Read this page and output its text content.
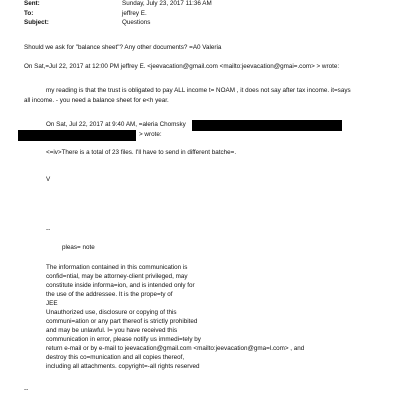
Sent:	Sunday, July 23, 2017 11:36 AM
To:	jeffrey E.
Subject:	Questions
Should we ask for "balance sheet"? Any other documents? =A0 Valeria
On Sat,=Jul 22, 2017 at 12:00 PM jeffrey E. <jeevacation@gmail.com <mailto:jeevacation@gmai=.com> > wrote:
my reading is that the trust is obligated to pay ALL income t= NOAM , it does not say after tax income. it=says
all income. - you need a balance sheet for e<h year.
On Sat, Jul 22, 2017 at 9:40 AM, =aleria Chomsky
> wrote:
<=iv>There is a total of 23 files. I'll have to send in different batche=.
V
--
pleas= note
The information contained in this communication is
confid=ntial, may be attorney-client privileged, may
constitute inside informa=ion, and is intended only for
the use of the addressee. It is the prope=ty of
JEE
Unauthorized use, disclosure or copying of this
communi=ation or any part thereof is strictly prohibited
and may be unlawful. I= you have received this
communication in error, please notify us immedi=tely by
return e-mail or by e-mail to jeevacation@gmail.com <mailto:jeevacation@gma=l.com> , and
destroy this co=munication and all copies thereof,
including all attachments. copyright=-all rights reserved
--
